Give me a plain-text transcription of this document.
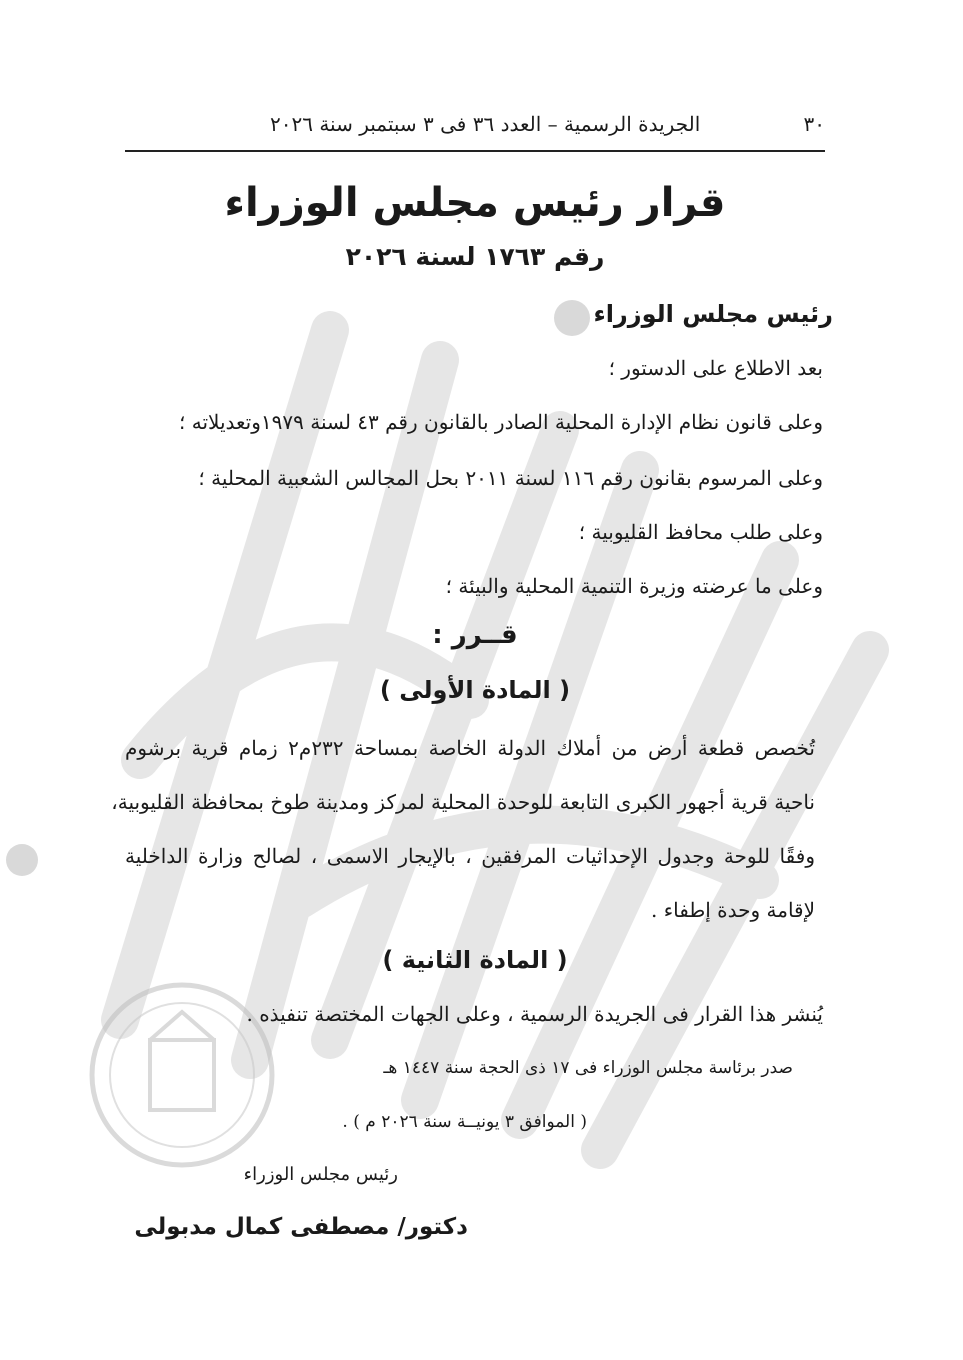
٣٠
الجريدة الرسمية – العدد ٣٦ فى ٣ سبتمبر سنة ٢٠٢٦
قرار رئيس مجلس الوزراء
رقم ١٧٦٣ لسنة ٢٠٢٦
رئيس مجلس الوزراء
بعد الاطلاع على الدستور ؛
وعلى قانون نظام الإدارة المحلية الصادر بالقانون رقم ٤٣ لسنة ١٩٧٩وتعديلاته ؛
وعلى المرسوم بقانون رقم ١١٦ لسنة ٢٠١١ بحل المجالس الشعبية المحلية ؛
وعلى طلب محافظ القليوبية ؛
وعلى ما عرضته وزيرة التنمية المحلية والبيئة ؛
قــرر :
( المادة الأولى )
تُخصص قطعة أرض من أملاك الدولة الخاصة بمساحة ٢٣٢م٢ زمام قرية برشوم
ناحية قرية أجهور الكبرى التابعة للوحدة المحلية لمركز ومدينة طوخ بمحافظة القليوبية،
وفقًا للوحة وجدول الإحداثيات المرفقين ، بالإيجار الاسمى ، لصالح وزارة الداخلية
لإقامة وحدة إطفاء .
( المادة الثانية )
يُنشر هذا القرار فى الجريدة الرسمية ، وعلى الجهات المختصة تنفيذه .
صدر برئاسة مجلس الوزراء فى ١٧ ذى الحجة سنة ١٤٤٧ هـ
( الموافق ٣ يونيــة سنة ٢٠٢٦ م ) .
رئيس مجلس الوزراء
دكتور/ مصطفى كمال مدبولى
